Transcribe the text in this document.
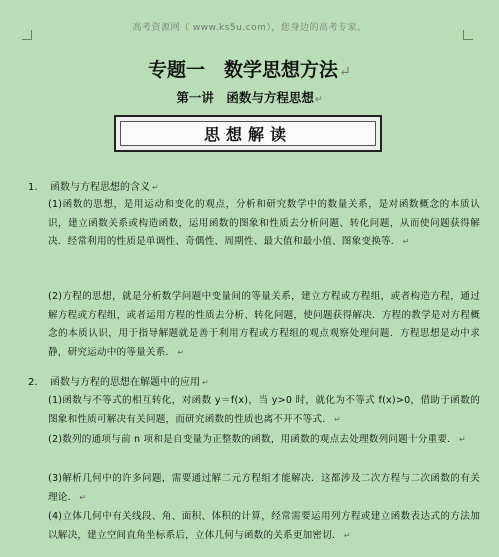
高考资源网（ www.ks5u.com），您身边的高考专家。
专题一　数学思想方法↵
第一讲　函数与方程思想↵
思想解读
1. 函数与方程思想的含义 ↵
(1)函数的思想，是用运动和变化的观点，分析和研究数学中的数量关系，是对函数概念的本质认识，建立函数关系或构造函数，运用函数的图象和性质去分析问题、转化问题，从而使问题获得解决．经常利用的性质是单调性、奇偶性、周期性、最大值和最小值、图象变换等． ↵
(2)方程的思想，就是分析数学问题中变量间的等量关系，建立方程或方程组，或者构造方程，通过解方程或方程组，或者运用方程的性质去分析、转化问题，使问题获得解决．方程的教学是对方程概念的本质认识，用于指导解题就是善于利用方程或方程组的观点观察处理问题．方程思想是动中求静，研究运动中的等量关系． ↵
2. 函数与方程的思想在解题中的应用 ↵
(1)函数与不等式的相互转化，对函数 y＝f(x)，当 y>0 时，就化为不等式 f(x)>0，借助于函数的图象和性质可解决有关问题，而研究函数的性质也离不开不等式． ↵
(2)数列的通项与前 n 项和是自变量为正整数的函数，用函数的观点去处理数列问题十分重要． ↵
(3)解析几何中的许多问题，需要通过解二元方程组才能解决．这都涉及二次方程与二次函数的有关理论． ↵
(4)立体几何中有关线段、角、面积、体积的计算，经常需要运用列方程或建立函数表达式的方法加以解决，建立空间直角坐标系后，立体几何与函数的关系更加密切． ↵
